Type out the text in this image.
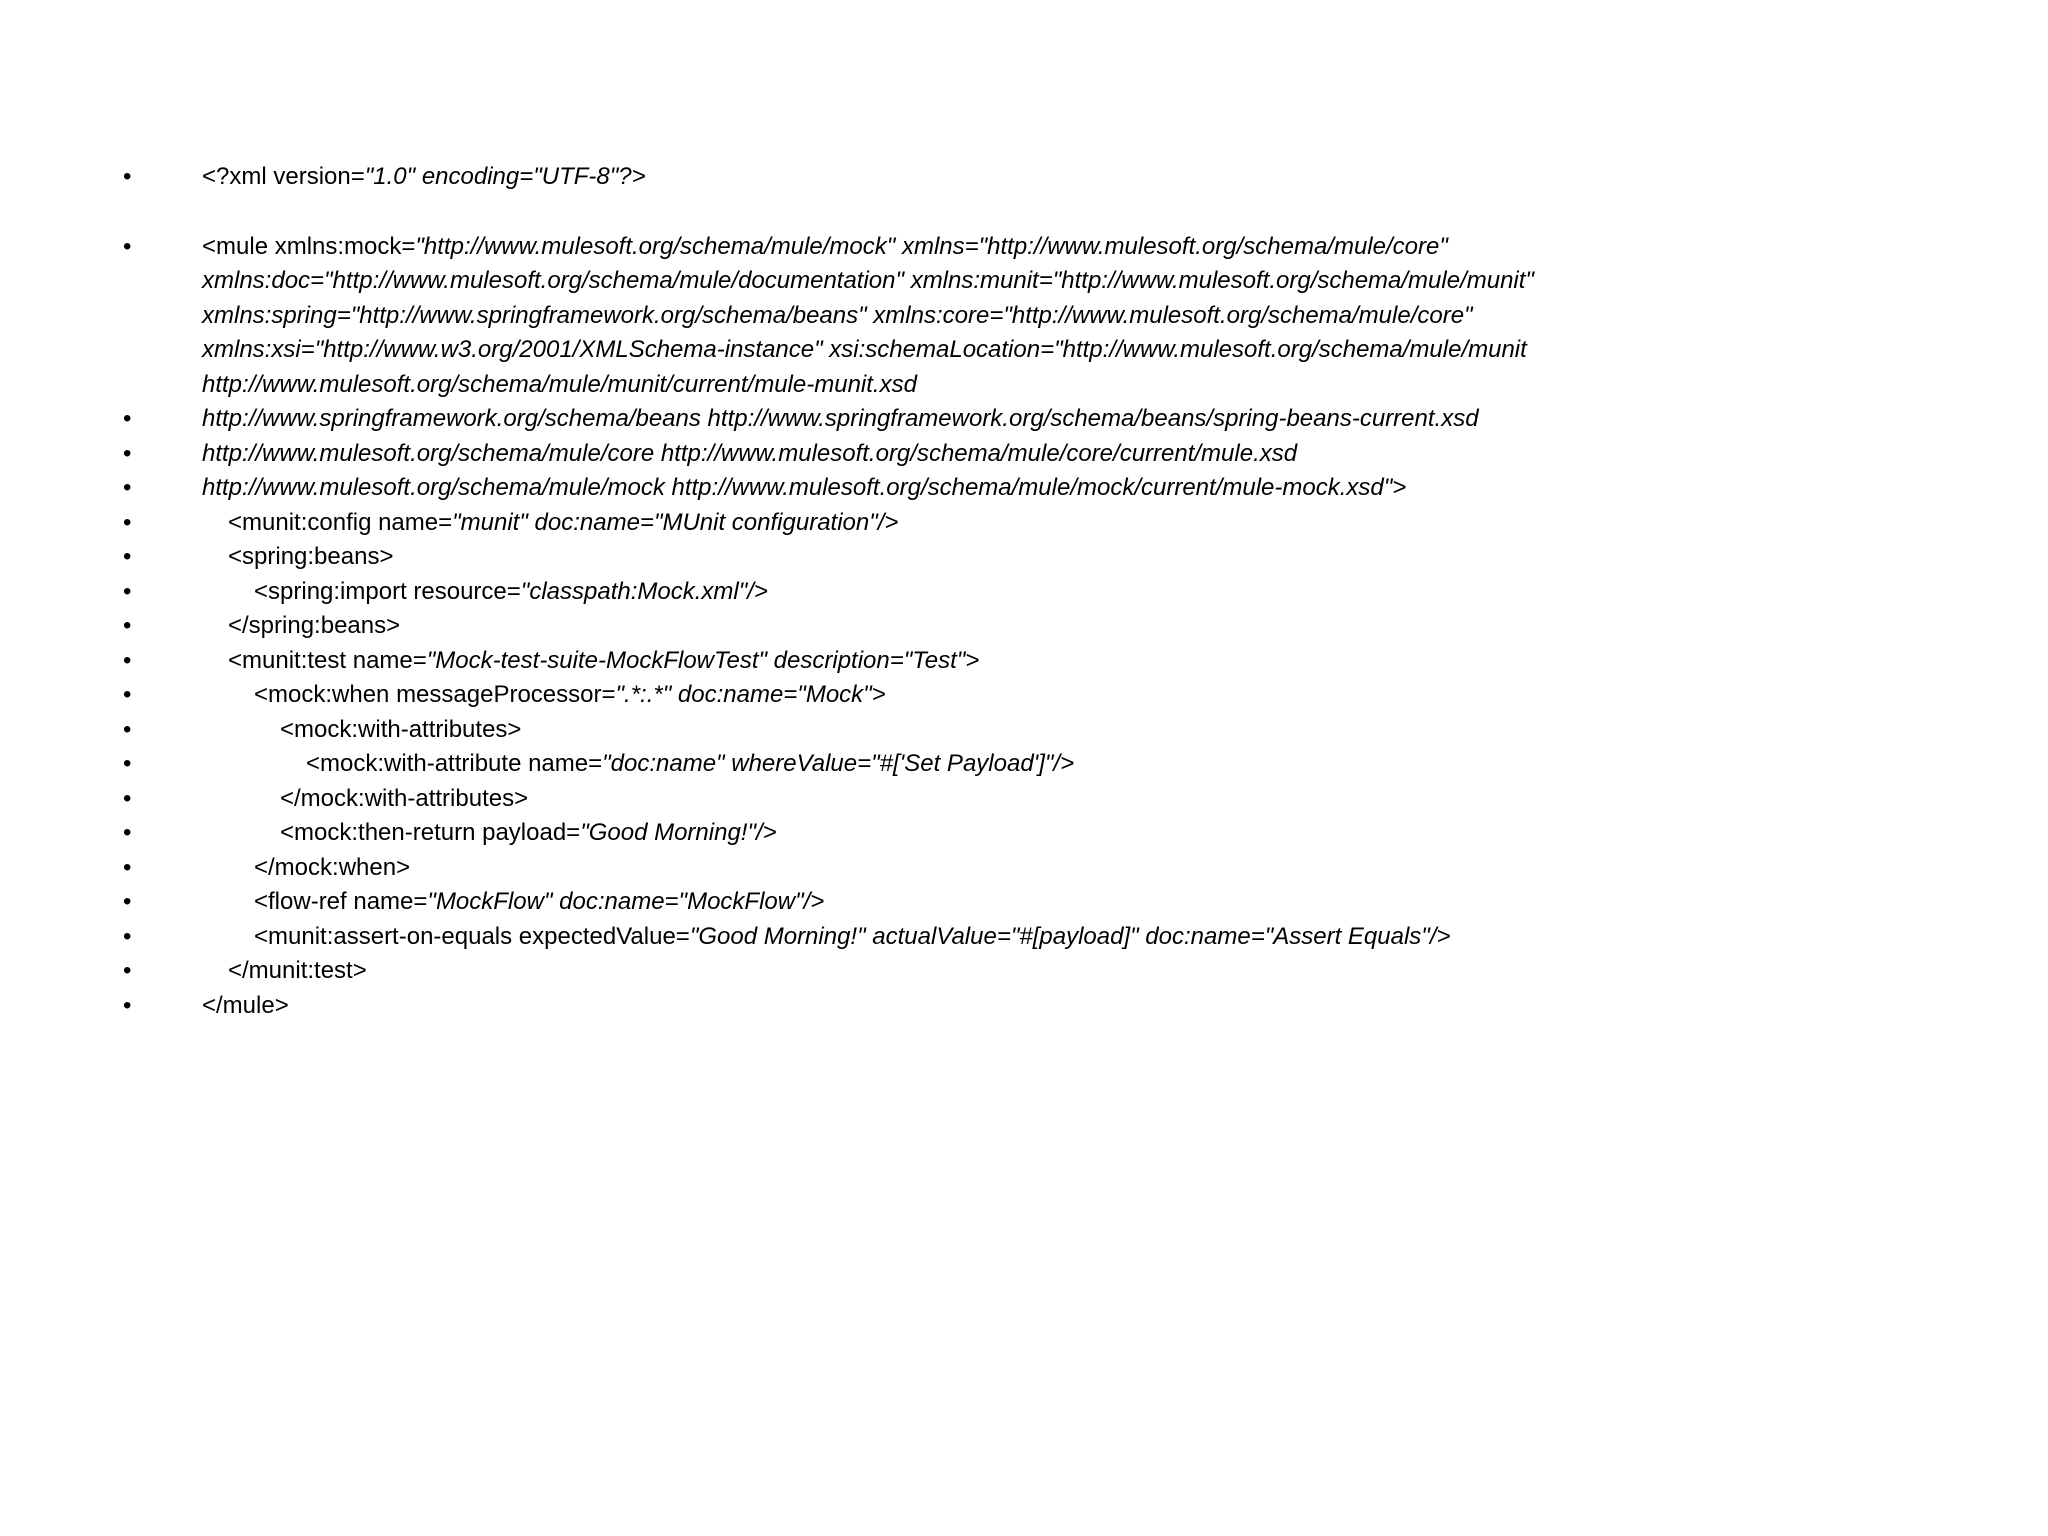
•	<?xml version="1.0" encoding="UTF-8"?>
•	<mule xmlns:mock="http://www.mulesoft.org/schema/mule/mock" xmlns="http://www.mulesoft.org/schema/mule/core" xmlns:doc="http://www.mulesoft.org/schema/mule/documentation" xmlns:munit="http://www.mulesoft.org/schema/mule/munit" xmlns:spring="http://www.springframework.org/schema/beans" xmlns:core="http://www.mulesoft.org/schema/mule/core" xmlns:xsi="http://www.w3.org/2001/XMLSchema-instance" xsi:schemaLocation="http://www.mulesoft.org/schema/mule/munit http://www.mulesoft.org/schema/mule/munit/current/mule-munit.xsd
•	http://www.springframework.org/schema/beans http://www.springframework.org/schema/beans/spring-beans-current.xsd
•	http://www.mulesoft.org/schema/mule/core http://www.mulesoft.org/schema/mule/core/current/mule.xsd
•	http://www.mulesoft.org/schema/mule/mock http://www.mulesoft.org/schema/mule/mock/current/mule-mock.xsd">
•	<munit:config name="munit" doc:name="MUnit configuration"/>
•	<spring:beans>
•	<spring:import resource="classpath:Mock.xml"/>
•	</spring:beans>
•	<munit:test name="Mock-test-suite-MockFlowTest" description="Test">
•	<mock:when messageProcessor=".*:.*" doc:name="Mock">
•	<mock:with-attributes>
•	<mock:with-attribute name="doc:name" whereValue="#['Set Payload']"/>
•	</mock:with-attributes>
•	<mock:then-return payload="Good Morning!"/>
•	</mock:when>
•	<flow-ref name="MockFlow" doc:name="MockFlow"/>
•	<munit:assert-on-equals expectedValue="Good Morning!" actualValue="#[payload]" doc:name="Assert Equals"/>
•	</munit:test>
•	</mule>
